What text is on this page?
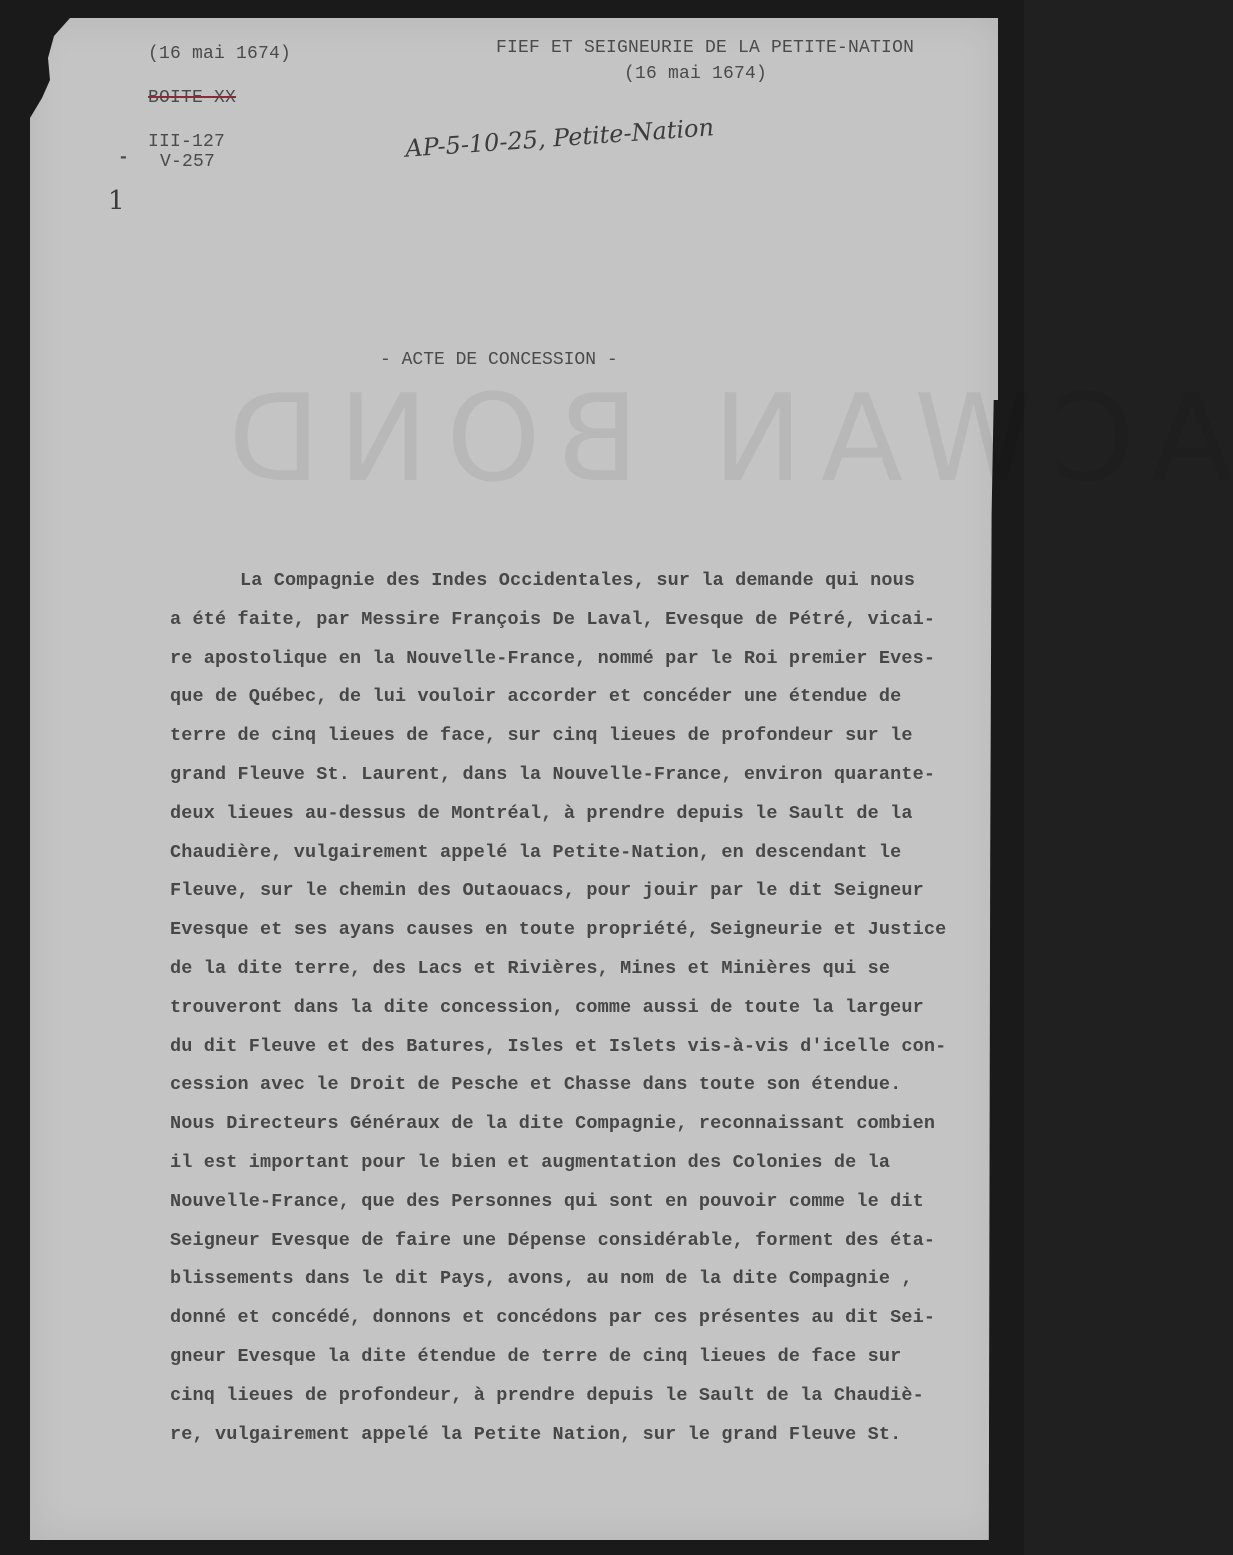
ACWAN BOND
(16 mai 1674)
BOITE XX
III-127
V-257
-
1
FIEF ET SEIGNEURIE DE LA PETITE-NATION
(16 mai 1674)
AP-5-10-25, Petite-Nation
- ACTE DE CONCESSION -
La Compagnie des Indes Occidentales, sur la demande qui nous
a été faite, par Messire François De Laval, Evesque de Pétré, vicai-
re apostolique en la Nouvelle-France, nommé par le Roi premier Eves-
que de Québec, de lui vouloir accorder et concéder une étendue de
terre de cinq lieues de face, sur cinq lieues de profondeur sur le
grand Fleuve St. Laurent, dans la Nouvelle-France, environ quarante-
deux lieues au-dessus de Montréal, à prendre depuis le Sault de la
Chaudière, vulgairement appelé la Petite-Nation, en descendant le
Fleuve, sur le chemin des Outaouacs, pour jouir par le dit Seigneur
Evesque et ses ayans causes en toute propriété, Seigneurie et Justice
de la dite terre, des Lacs et Rivières, Mines et Minières qui se
trouveront dans la dite concession, comme aussi de toute la largeur
du dit Fleuve et des Batures, Isles et Islets vis-à-vis d'icelle con-
cession avec le Droit de Pesche et Chasse dans toute son étendue.
Nous Directeurs Généraux de la dite Compagnie, reconnaissant combien
il est important pour le bien et augmentation des Colonies de la
Nouvelle-France, que des Personnes qui sont en pouvoir comme le dit
Seigneur Evesque de faire une Dépense considérable, forment des éta-
blissements dans le dit Pays, avons, au nom de la dite Compagnie ,
donné et concédé, donnons et concédons par ces présentes au dit Sei-
gneur Evesque la dite étendue de terre de cinq lieues de face sur
cinq lieues de profondeur, à prendre depuis le Sault de la Chaudiè-
re, vulgairement appelé la Petite Nation, sur le grand Fleuve St.
